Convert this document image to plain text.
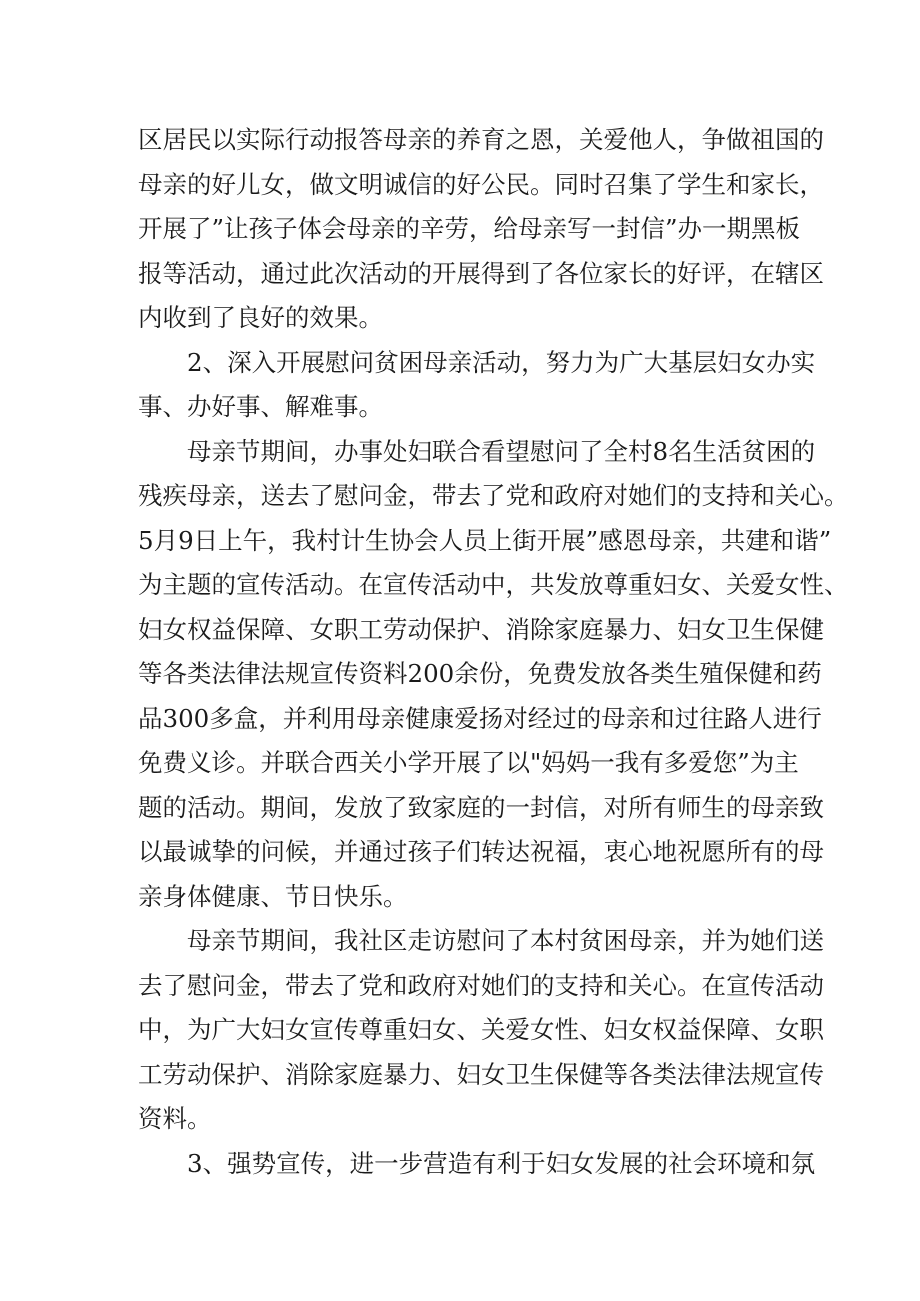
区居民以实际行动报答母亲的养育之恩，关爱他人，争做祖国的
母亲的好儿女，做文明诚信的好公民。同时召集了学生和家长，
开展了”让孩子体会母亲的辛劳，给母亲写一封信”办一期黑板
报等活动，通过此次活动的开展得到了各位家长的好评，在辖区
内收到了良好的效果。
2、深入开展慰问贫困母亲活动，努力为广大基层妇女办实
事、办好事、解难事。
母亲节期间，办事处妇联合看望慰问了全村8名生活贫困的
残疾母亲，送去了慰问金，带去了党和政府对她们的支持和关心。
5月9日上午，我村计生协会人员上街开展”感恩母亲，共建和谐”
为主题的宣传活动。在宣传活动中，共发放尊重妇女、关爱女性、
妇女权益保障、女职工劳动保护、消除家庭暴力、妇女卫生保健
等各类法律法规宣传资料200余份，免费发放各类生殖保健和药
品300多盒，并利用母亲健康爱扬对经过的母亲和过往路人进行
免费义诊。并联合西关小学开展了以"妈妈一我有多爱您”为主
题的活动。期间，发放了致家庭的一封信，对所有师生的母亲致
以最诚挚的问候，并通过孩子们转达祝福，衷心地祝愿所有的母
亲身体健康、节日快乐。
母亲节期间，我社区走访慰问了本村贫困母亲，并为她们送
去了慰问金，带去了党和政府对她们的支持和关心。在宣传活动
中，为广大妇女宣传尊重妇女、关爱女性、妇女权益保障、女职
工劳动保护、消除家庭暴力、妇女卫生保健等各类法律法规宣传
资料。
3、强势宣传，进一步营造有利于妇女发展的社会环境和氛
